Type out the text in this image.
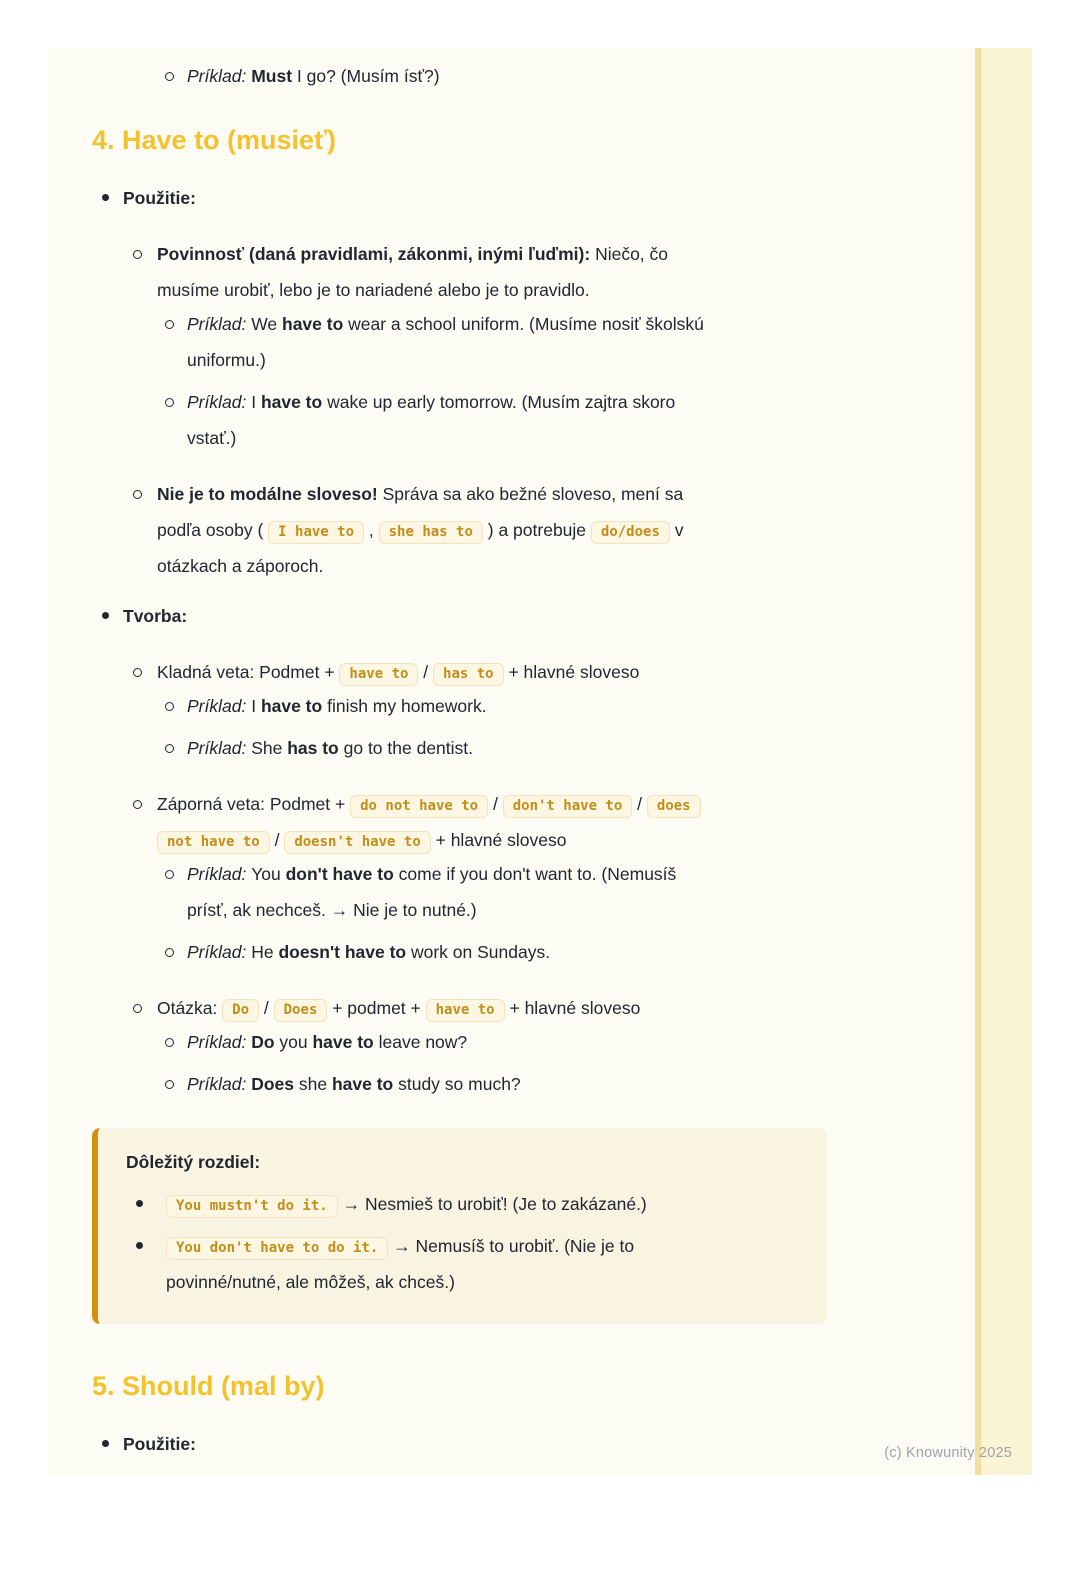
Príklad: Must I go? (Musím ísť?)
4. Have to (musieť)
Použitie:
Povinnosť (daná pravidlami, zákonmi, inými ľuďmi): Niečo, čo
musíme urobiť, lebo je to nariadené alebo je to pravidlo.
Príklad: We have to wear a school uniform. (Musíme nosiť školskú
uniformu.)
Príklad: I have to wake up early tomorrow. (Musím zajtra skoro
vstať.)
Nie je to modálne sloveso! Správa sa ako bežné sloveso, mení sa
podľa osoby ( I have to , she has to ) a potrebuje do/does v
otázkach a záporoch.
Tvorba:
Kladná veta: Podmet + have to / has to + hlavné sloveso
Príklad: I have to finish my homework.
Príklad: She has to go to the dentist.
Záporná veta: Podmet + do not have to / don't have to / does
not have to / doesn't have to + hlavné sloveso
Príklad: You don't have to come if you don't want to. (Nemusíš
prísť, ak nechceš. → Nie je to nutné.)
Príklad: He doesn't have to work on Sundays.
Otázka: Do / Does + podmet + have to + hlavné sloveso
Príklad: Do you have to leave now?
Príklad: Does she have to study so much?
Dôležitý rozdiel:
You mustn't do it. → Nesmieš to urobiť! (Je to zakázané.)
You don't have to do it. → Nemusíš to urobiť. (Nie je to
povinné/nutné, ale môžeš, ak chceš.)
5. Should (mal by)
Použitie:	(c) Knowunity 2025
